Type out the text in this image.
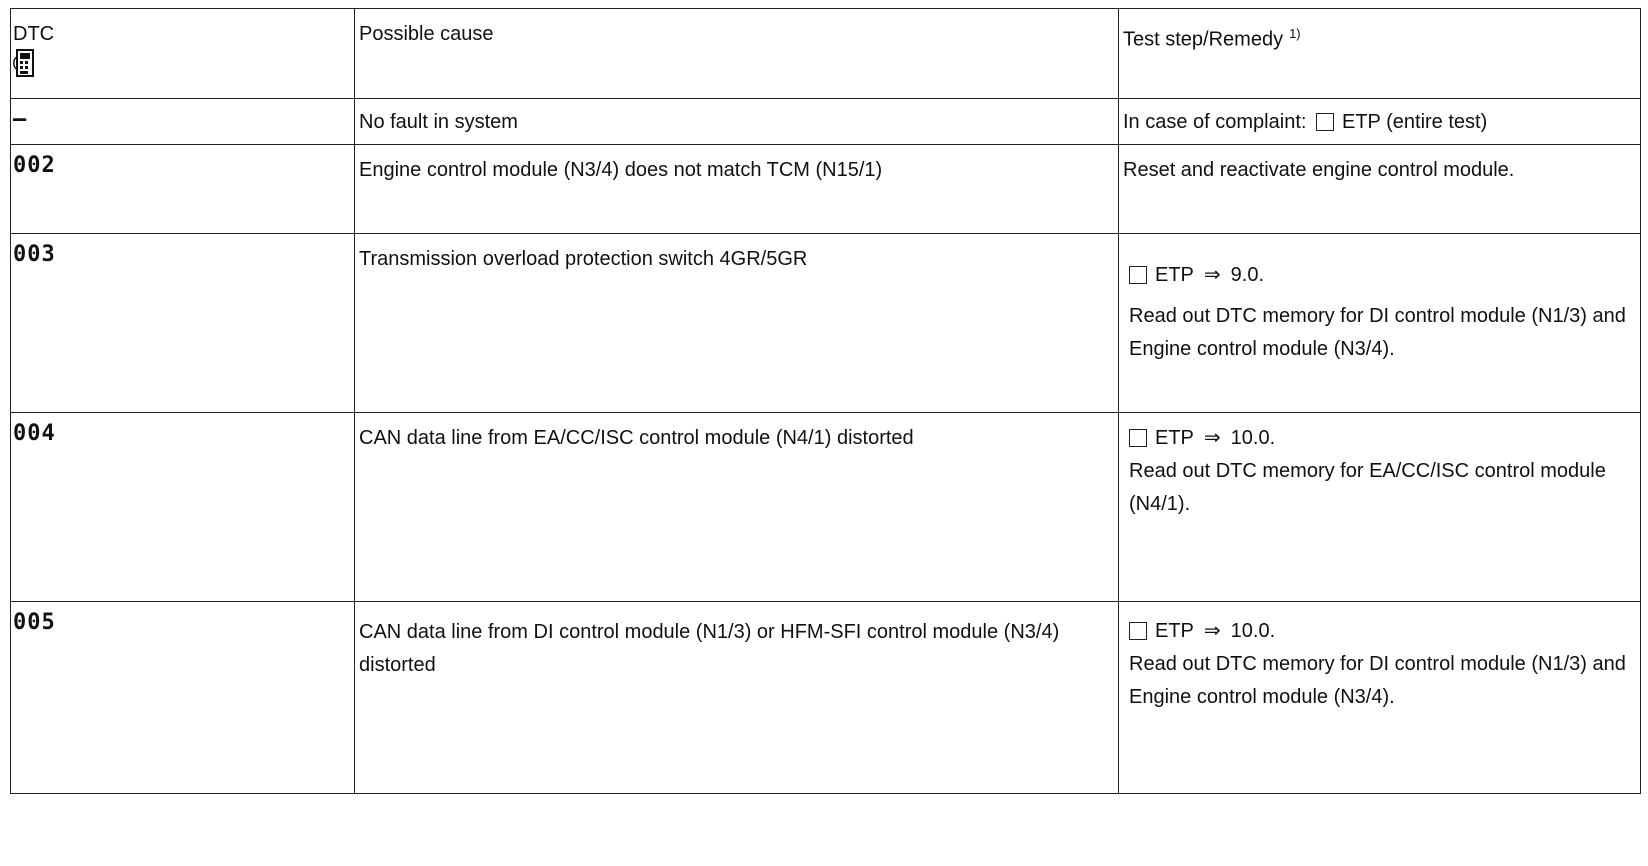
DTC	Possible cause	Test step/Remedy $^{1)}$

–	No fault in system	In case of complaint: ETP (entire test)

002	Engine control module (N3/4) does not match TCM (N15/1)	Reset and reactivate engine control module.

003	Transmission overload protection switch 4GR/5GR	ETP ⇒ 9.0.
Read out DTC memory for DI control module (N1/3) and Engine control module (N3/4).

004	CAN data line from EA/CC/ISC control module (N4/1) distorted	ETP ⇒ 10.0.
Read out DTC memory for EA/CC/ISC control module (N4/1).

005	CAN data line from DI control module (N1/3) or HFM-SFI control module (N3/4) distorted	ETP ⇒ 10.0.
Read out DTC memory for DI control module (N1/3) and Engine control module (N3/4).
